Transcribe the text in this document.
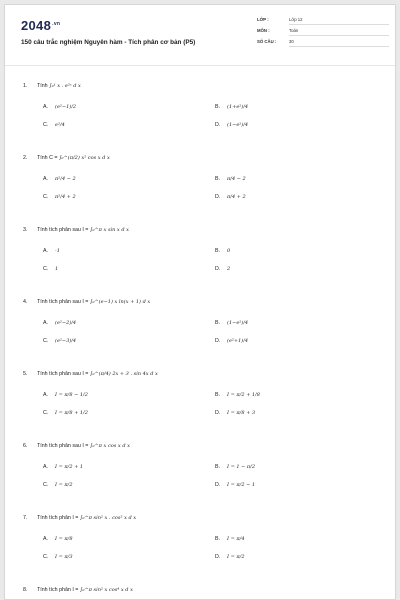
$2048^{.vn}$
150 câu trắc nghiệm Nguyên hàm - Tích phân cơ bản (P5)
LỚP :	Lớp 12
MÔN :	Toán
SỐ CÂU :	30
1. Tính ∫₀¹ x . e²ˣ d x
A. (e²−1)/2	B. (1+e²)/4
C. e²/4	D. (1−e²)/4
2. Tính C = ∫₀^(π/2) x² cos x d x
A. π²/4 − 2	B. π/4 − 2
C. π²/4 + 2	D. π/4 + 2
3. Tính tích phân sau I = ∫₀^π x sin x d x
A. -1	B. 0
C. 1	D. 2
4. Tính tích phân sau I = ∫₀^(e−1) x ln(x + 1) d x
A. (e²−2)/4	B. (1−e²)/4
C. (e²−3)/4	D. (e²+1)/4
5. Tính tích phân sau I = ∫₀^(π/4) 2x + 3 . sin 4x d x
A. I = π/8 − 1/2	B. I = π/2 + 1/8
C. I = π/8 + 1/2	D. I = π/8 + 3
6. Tính tích phân sau I = ∫₀^π x cos x d x
A. I = π/2 + 1	B. I = 1 − π/2
C. I = π/2	D. I = π/2 − 1
7. Tính tích phân I = ∫₀^π sin² x . cos² x d x
A. I = π/8	B. I = π/4
C. I = π/3	D. I = π/2
8. Tính tích phân I = ∫₀^π sin² x cos⁴ x d x
